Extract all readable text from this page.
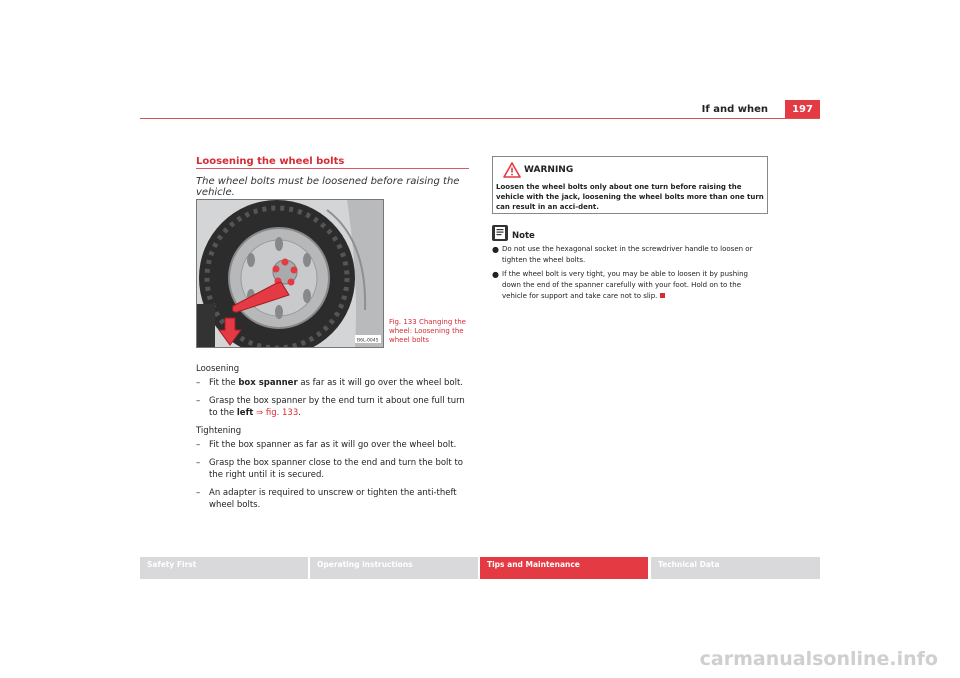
If and when	197
Loosening the wheel bolts
The wheel bolts must be loosened before raising the vehicle.
B6L-0045
Fig. 133 Changing the wheel: Loosening the wheel bolts

Loosening

–	Fit the box spanner as far as it will go over the wheel bolt.
–	Grasp the box spanner by the end turn it about one full turn to the left ⇒ fig. 133.

Tightening

–	Fit the box spanner as far as it will go over the wheel bolt.
–	Grasp the box spanner close to the end and turn the bolt to the right until it is secured.
–	An adapter is required to unscrew or tighten the anti-theft wheel bolts.
WARNING
Loosen the wheel bolts only about one turn before raising the vehicle with the jack, loosening the wheel bolts more than one turn can result in an acci-dent.
Note
● Do not use the hexagonal socket in the screwdriver handle to loosen or tighten the wheel bolts.
● If the wheel bolt is very tight, you may be able to loosen it by pushing down the end of the spanner carefully with your foot. Hold on to the vehicle for support and take care not to slip.
Safety First	Operating instructions	Tips and Maintenance	Technical Data
carmanualsonline.info
